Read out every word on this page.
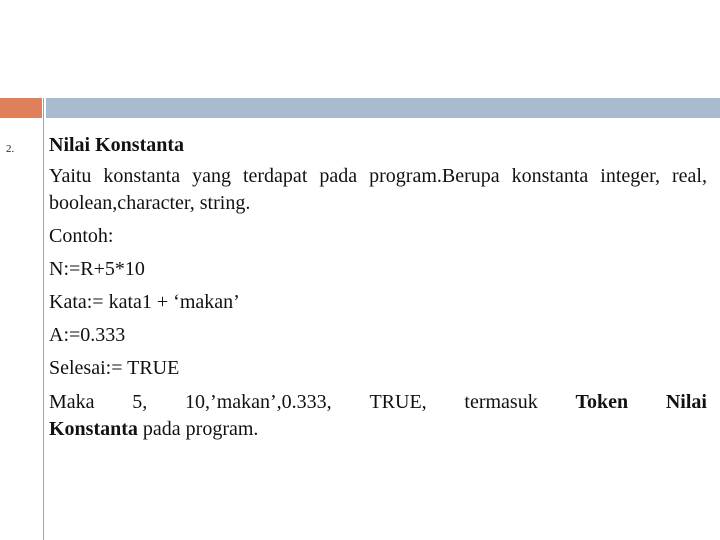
2. Nilai Konstanta

Yaitu konstanta yang terdapat pada program.Berupa konstanta integer, real, boolean,character, string.

Contoh:

N:=R+5*10

Kata:= kata1 + ‘makan’

A:=0.333

Selesai:= TRUE

Maka 5, 10,’makan’,0.333, TRUE, termasuk Token Nilai
Konstanta pada program.
